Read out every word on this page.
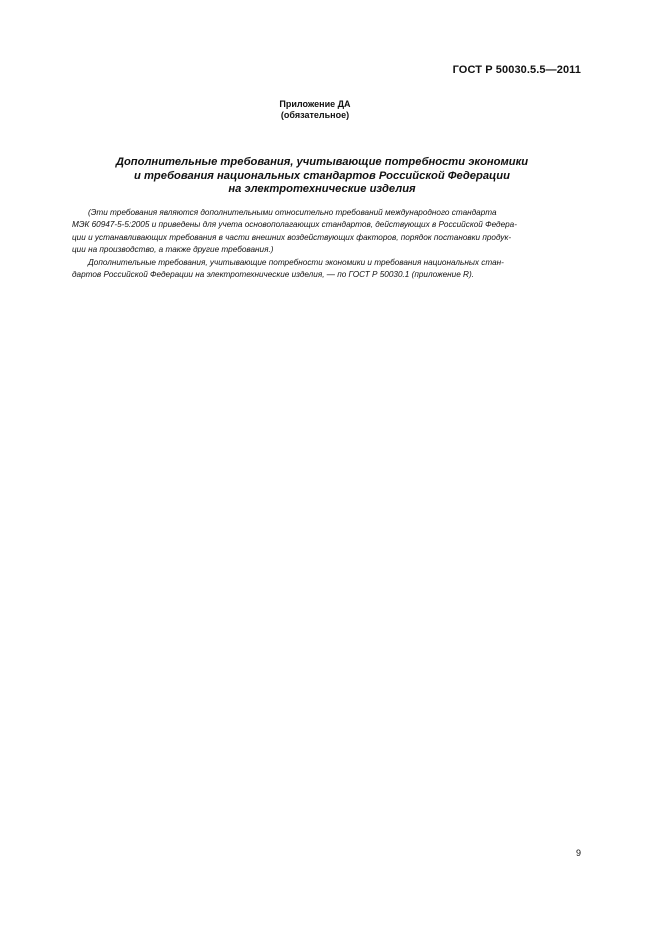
ГОСТ Р 50030.5.5—2011
Приложение ДА
(обязательное)
Дополнительные требования, учитывающие потребности экономики
и требования национальных стандартов Российской Федерации
на электротехнические изделия

(Эти требования являются дополнительными относительно требований международного стандарта
МЭК 60947-5-5:2005 и приведены для учета основополагающих стандартов, действующих в Российской Федера-
ции и устанавливающих требования в части внешних воздействующих факторов, порядок постановки продук-
ции на производство, а также другие требования.)

Дополнительные требования, учитывающие потребности экономики и требования национальных стан-
дартов Российской Федерации на электротехнические изделия, — по ГОСТ Р 50030.1 (приложение R).

9
